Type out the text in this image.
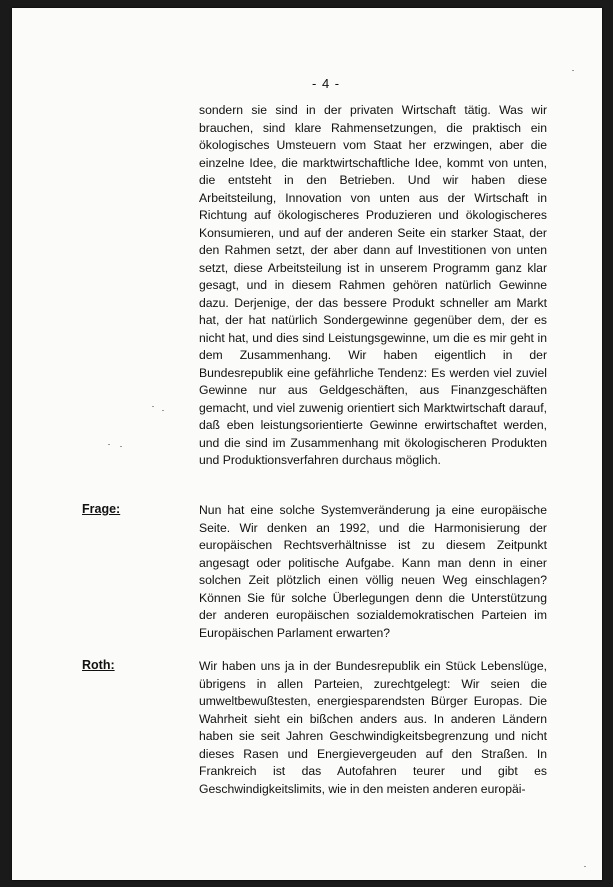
- 4 -
sondern sie sind in der privaten Wirtschaft tätig. Was wir brauchen, sind klare Rahmensetzungen, die praktisch ein ökologisches Umsteuern vom Staat her erzwingen, aber die einzelne Idee, die marktwirtschaftliche Idee, kommt von unten, die entsteht in den Betrieben. Und wir haben diese Arbeitsteilung, Innovation von unten aus der Wirtschaft in Richtung auf ökologischeres Produzieren und ökologischeres Konsumieren, und auf der anderen Seite ein starker Staat, der den Rahmen setzt, der aber dann auf Investitionen von unten setzt, diese Arbeitsteilung ist in unserem Programm ganz klar gesagt, und in diesem Rahmen gehören natürlich Gewinne dazu. Derjenige, der das bessere Produkt schneller am Markt hat, der hat natürlich Sondergewinne gegenüber dem, der es nicht hat, und dies sind Leistungsgewinne, um die es mir geht in dem Zusammenhang. Wir haben eigentlich in der Bundesrepublik eine gefährliche Tendenz: Es werden viel zuviel Gewinne nur aus Geldgeschäften, aus Finanzgeschäften gemacht, und viel zuwenig orientiert sich Marktwirtschaft darauf, daß eben leistungsorientierte Gewinne erwirtschaftet werden, und die sind im Zusammenhang mit ökologischeren Produkten und Produktionsverfahren durchaus möglich.
Frage:	Nun hat eine solche Systemveränderung ja eine europäische Seite. Wir denken an 1992, und die Harmonisierung der europäischen Rechtsverhältnisse ist zu diesem Zeitpunkt angesagt oder politische Aufgabe. Kann man denn in einer solchen Zeit plötzlich einen völlig neuen Weg einschlagen? Können Sie für solche Überlegungen denn die Unterstützung der anderen europäischen sozialdemokratischen Parteien im Europäischen Parlament erwarten?
Roth:	Wir haben uns ja in der Bundesrepublik ein Stück Lebenslüge, übrigens in allen Parteien, zurechtgelegt: Wir seien die umweltbewußtesten, energiesparendsten Bürger Europas. Die Wahrheit sieht ein bißchen anders aus. In anderen Ländern haben sie seit Jahren Geschwindigkeitsbegrenzung und nicht dieses Rasen und Energievergeuden auf den Straßen. In Frankreich ist das Autofahren teurer und gibt es Geschwindigkeitslimits, wie in den meisten anderen europäi-
